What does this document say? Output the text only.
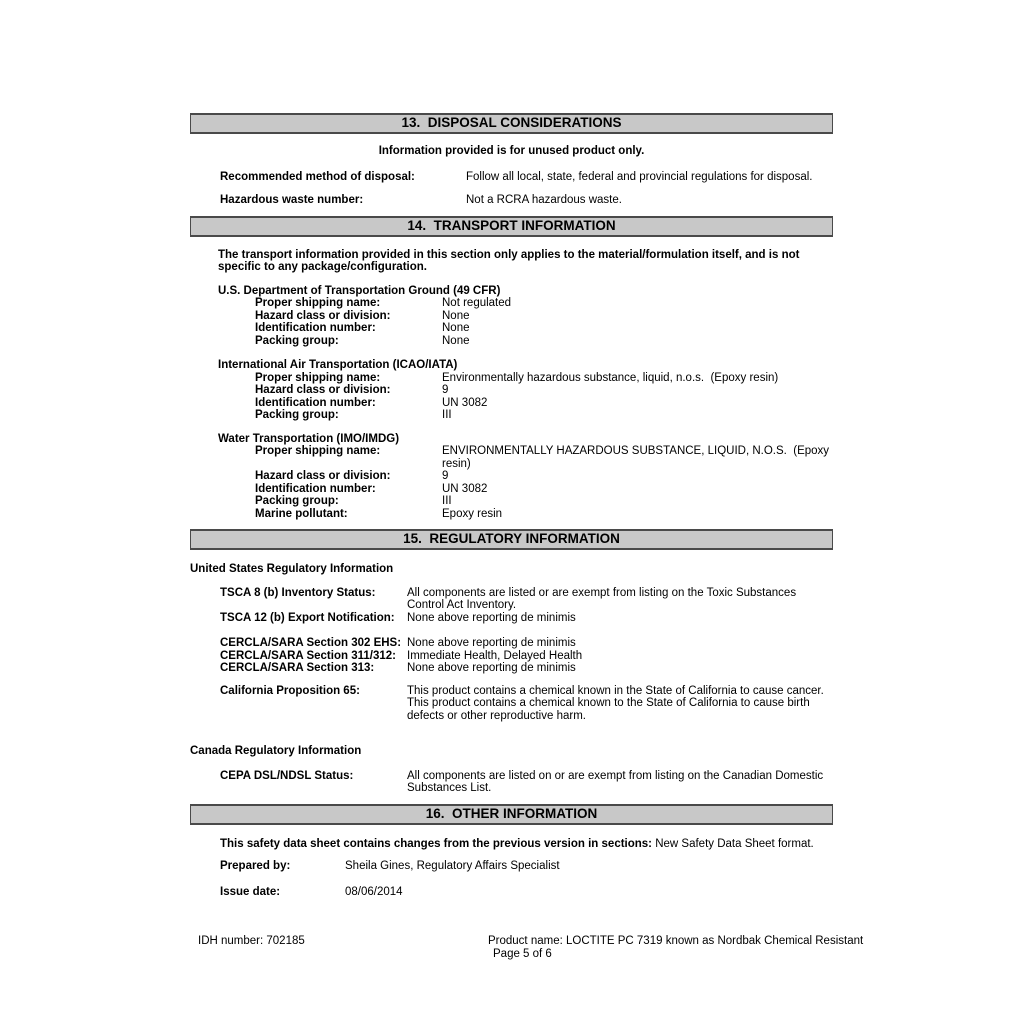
13.  DISPOSAL CONSIDERATIONS
Information provided is for unused product only.
Recommended method of disposal:	Follow all local, state, federal and provincial regulations for disposal.
Hazardous waste number:	Not a RCRA hazardous waste.
14.  TRANSPORT INFORMATION
The transport information provided in this section only applies to the material/formulation itself, and is not specific to any package/configuration.
U.S. Department of Transportation Ground (49 CFR)
Proper shipping name:	Not regulated
Hazard class or division:	None
Identification number:	None
Packing group:	None
International Air Transportation (ICAO/IATA)
Proper shipping name:	Environmentally hazardous substance, liquid, n.o.s.  (Epoxy resin)
Hazard class or division:	9
Identification number:	UN 3082
Packing group:	III
Water Transportation (IMO/IMDG)
Proper shipping name:	ENVIRONMENTALLY HAZARDOUS SUBSTANCE, LIQUID, N.O.S.  (Epoxy resin)
Hazard class or division:	9
Identification number:	UN 3082
Packing group:	III
Marine pollutant:	Epoxy resin
15.  REGULATORY INFORMATION
United States Regulatory Information
TSCA 8 (b) Inventory Status:	All components are listed or are exempt from listing on the Toxic Substances Control Act Inventory.
TSCA 12 (b) Export Notification:	None above reporting de minimis
CERCLA/SARA Section 302 EHS: None above reporting de minimis
CERCLA/SARA Section 311/312: Immediate Health, Delayed Health
CERCLA/SARA Section 313:	None above reporting de minimis
California Proposition 65:	This product contains a chemical known in the State of California to cause cancer. This product contains a chemical known to the State of California to cause birth defects or other reproductive harm.
Canada Regulatory Information
CEPA DSL/NDSL Status:	All components are listed on or are exempt from listing on the Canadian Domestic Substances List.
16.  OTHER INFORMATION
This safety data sheet contains changes from the previous version in sections: New Safety Data Sheet format.
Prepared by:	Sheila Gines, Regulatory Affairs Specialist
Issue date:	08/06/2014
IDH number: 702185	Product name: LOCTITE PC 7319 known as Nordbak Chemical Resistant
Page 5 of 6
